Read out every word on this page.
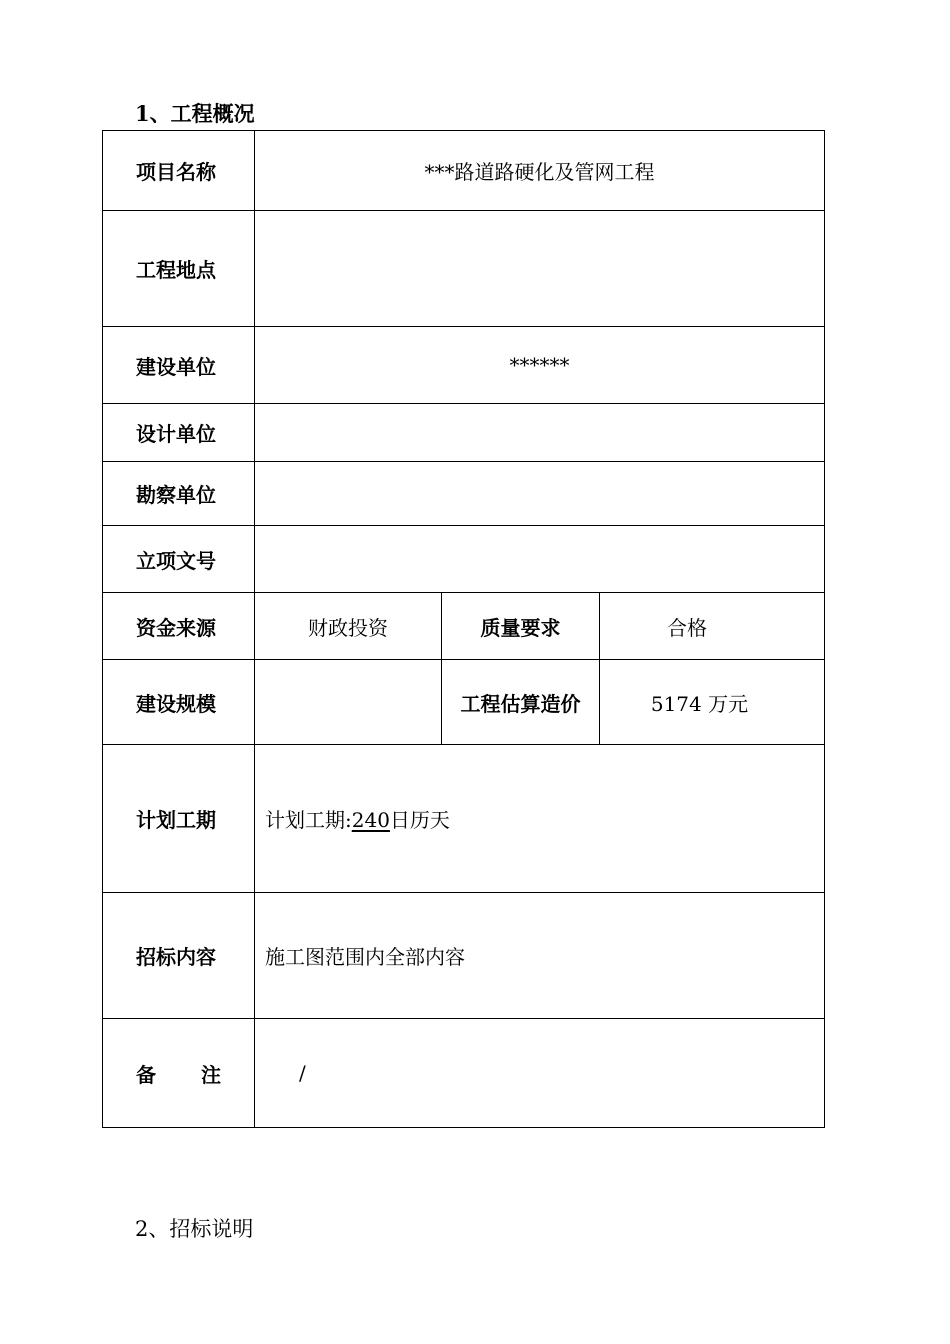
1、工程概况
项目名称	***路道路硬化及管网工程		
工程地点			
建设单位	******		
设计单位			
勘察单位			
立项文号			
资金来源	财政投资	质量要求	合格
建设规模		工程估算造价	5174 万元
计划工期	计划工期:240日历天		
招标内容	施工图范围内全部内容		
备 注	/		
2、招标说明
